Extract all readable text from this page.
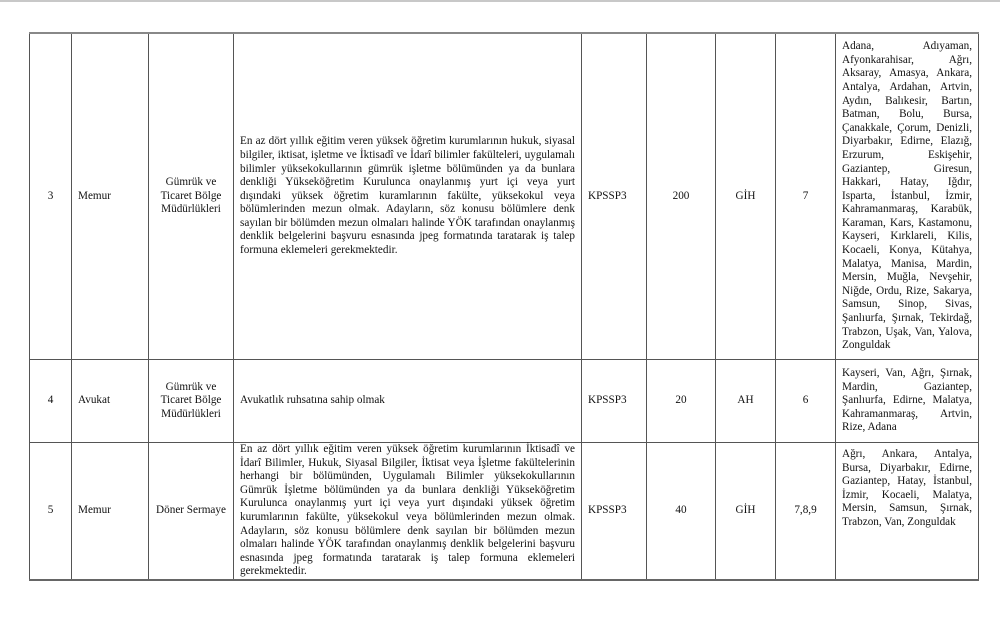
3	Memur	Gümrük ve Ticaret Bölge Müdürlükleri	En az dört yıllık eğitim veren yüksek öğretim kurumlarının hukuk, siyasal bilgiler, iktisat, işletme ve İktisadî ve İdarî bilimler fakülteleri, uygulamalı bilimler yüksekokullarının gümrük işletme bölümünden ya da bunlara denkliği Yükseköğretim Kurulunca onaylanmış yurt içi veya yurt dışındaki yüksek öğretim kuramlarının fakülte, yüksekokul veya bölümlerinden mezun olmak. Adayların, söz konusu bölümlere denk sayılan bir bölümden mezun olmaları halinde YÖK tarafından onaylanmış denklik belgelerini başvuru esnasında jpeg formatında taratarak iş talep formuna eklemeleri gerekmektedir.	KPSSP3	200	GİH	7	Adana, Adıyaman, Afyonkarahisar, Ağrı, Aksaray, Amasya, Ankara, Antalya, Ardahan, Artvin, Aydın, Balıkesir, Bartın, Batman, Bolu, Bursa, Çanakkale, Çorum, Denizli, Diyarbakır, Edirne, Elazığ, Erzurum, Eskişehir, Gaziantep, Giresun, Hakkari, Hatay, Iğdır, Isparta, İstanbul, İzmir, Kahramanmaraş, Karabük, Karaman, Kars, Kastamonu, Kayseri, Kırklareli, Kilis, Kocaeli, Konya, Kütahya, Malatya, Manisa, Mardin, Mersin, Muğla, Nevşehir, Niğde, Ordu, Rize, Sakarya, Samsun, Sinop, Sivas, Şanlıurfa, Şırnak, Tekirdağ, Trabzon, Uşak, Van, Yalova, Zonguldak
4	Avukat	Gümrük ve Ticaret Bölge Müdürlükleri	Avukatlık ruhsatına sahip olmak	KPSSP3	20	AH	6	Kayseri, Van, Ağrı, Şırnak, Mardin, Gaziantep, Şanlıurfa, Edirne, Malatya, Kahramanmaraş, Artvin, Rize, Adana
5	Memur	Döner Sermaye	En az dört yıllık eğitim veren yüksek öğretim kurumlarının İktisadî ve İdarî Bilimler, Hukuk, Siyasal Bilgiler, İktisat veya İşletme fakültelerinin herhangi bir bölümünden, Uygulamalı Bilimler yüksekokullarının Gümrük İşletme bölümünden ya da bunlara denkliği Yükseköğretim Kurulunca onaylanmış yurt içi veya yurt dışındaki yüksek öğretim kurumlarının fakülte, yüksekokul veya bölümlerinden mezun olmak. Adayların, söz konusu bölümlere denk sayılan bir bölümden mezun olmaları halinde YÖK tarafından onaylanmış denklik belgelerini başvuru esnasında jpeg formatında taratarak iş talep formuna eklemeleri gerekmektedir.	KPSSP3	40	GİH	7,8,9	Ağrı, Ankara, Antalya, Bursa, Diyarbakır, Edirne, Gaziantep, Hatay, İstanbul, İzmir, Kocaeli, Malatya, Mersin, Samsun, Şırnak, Trabzon, Van, Zonguldak
